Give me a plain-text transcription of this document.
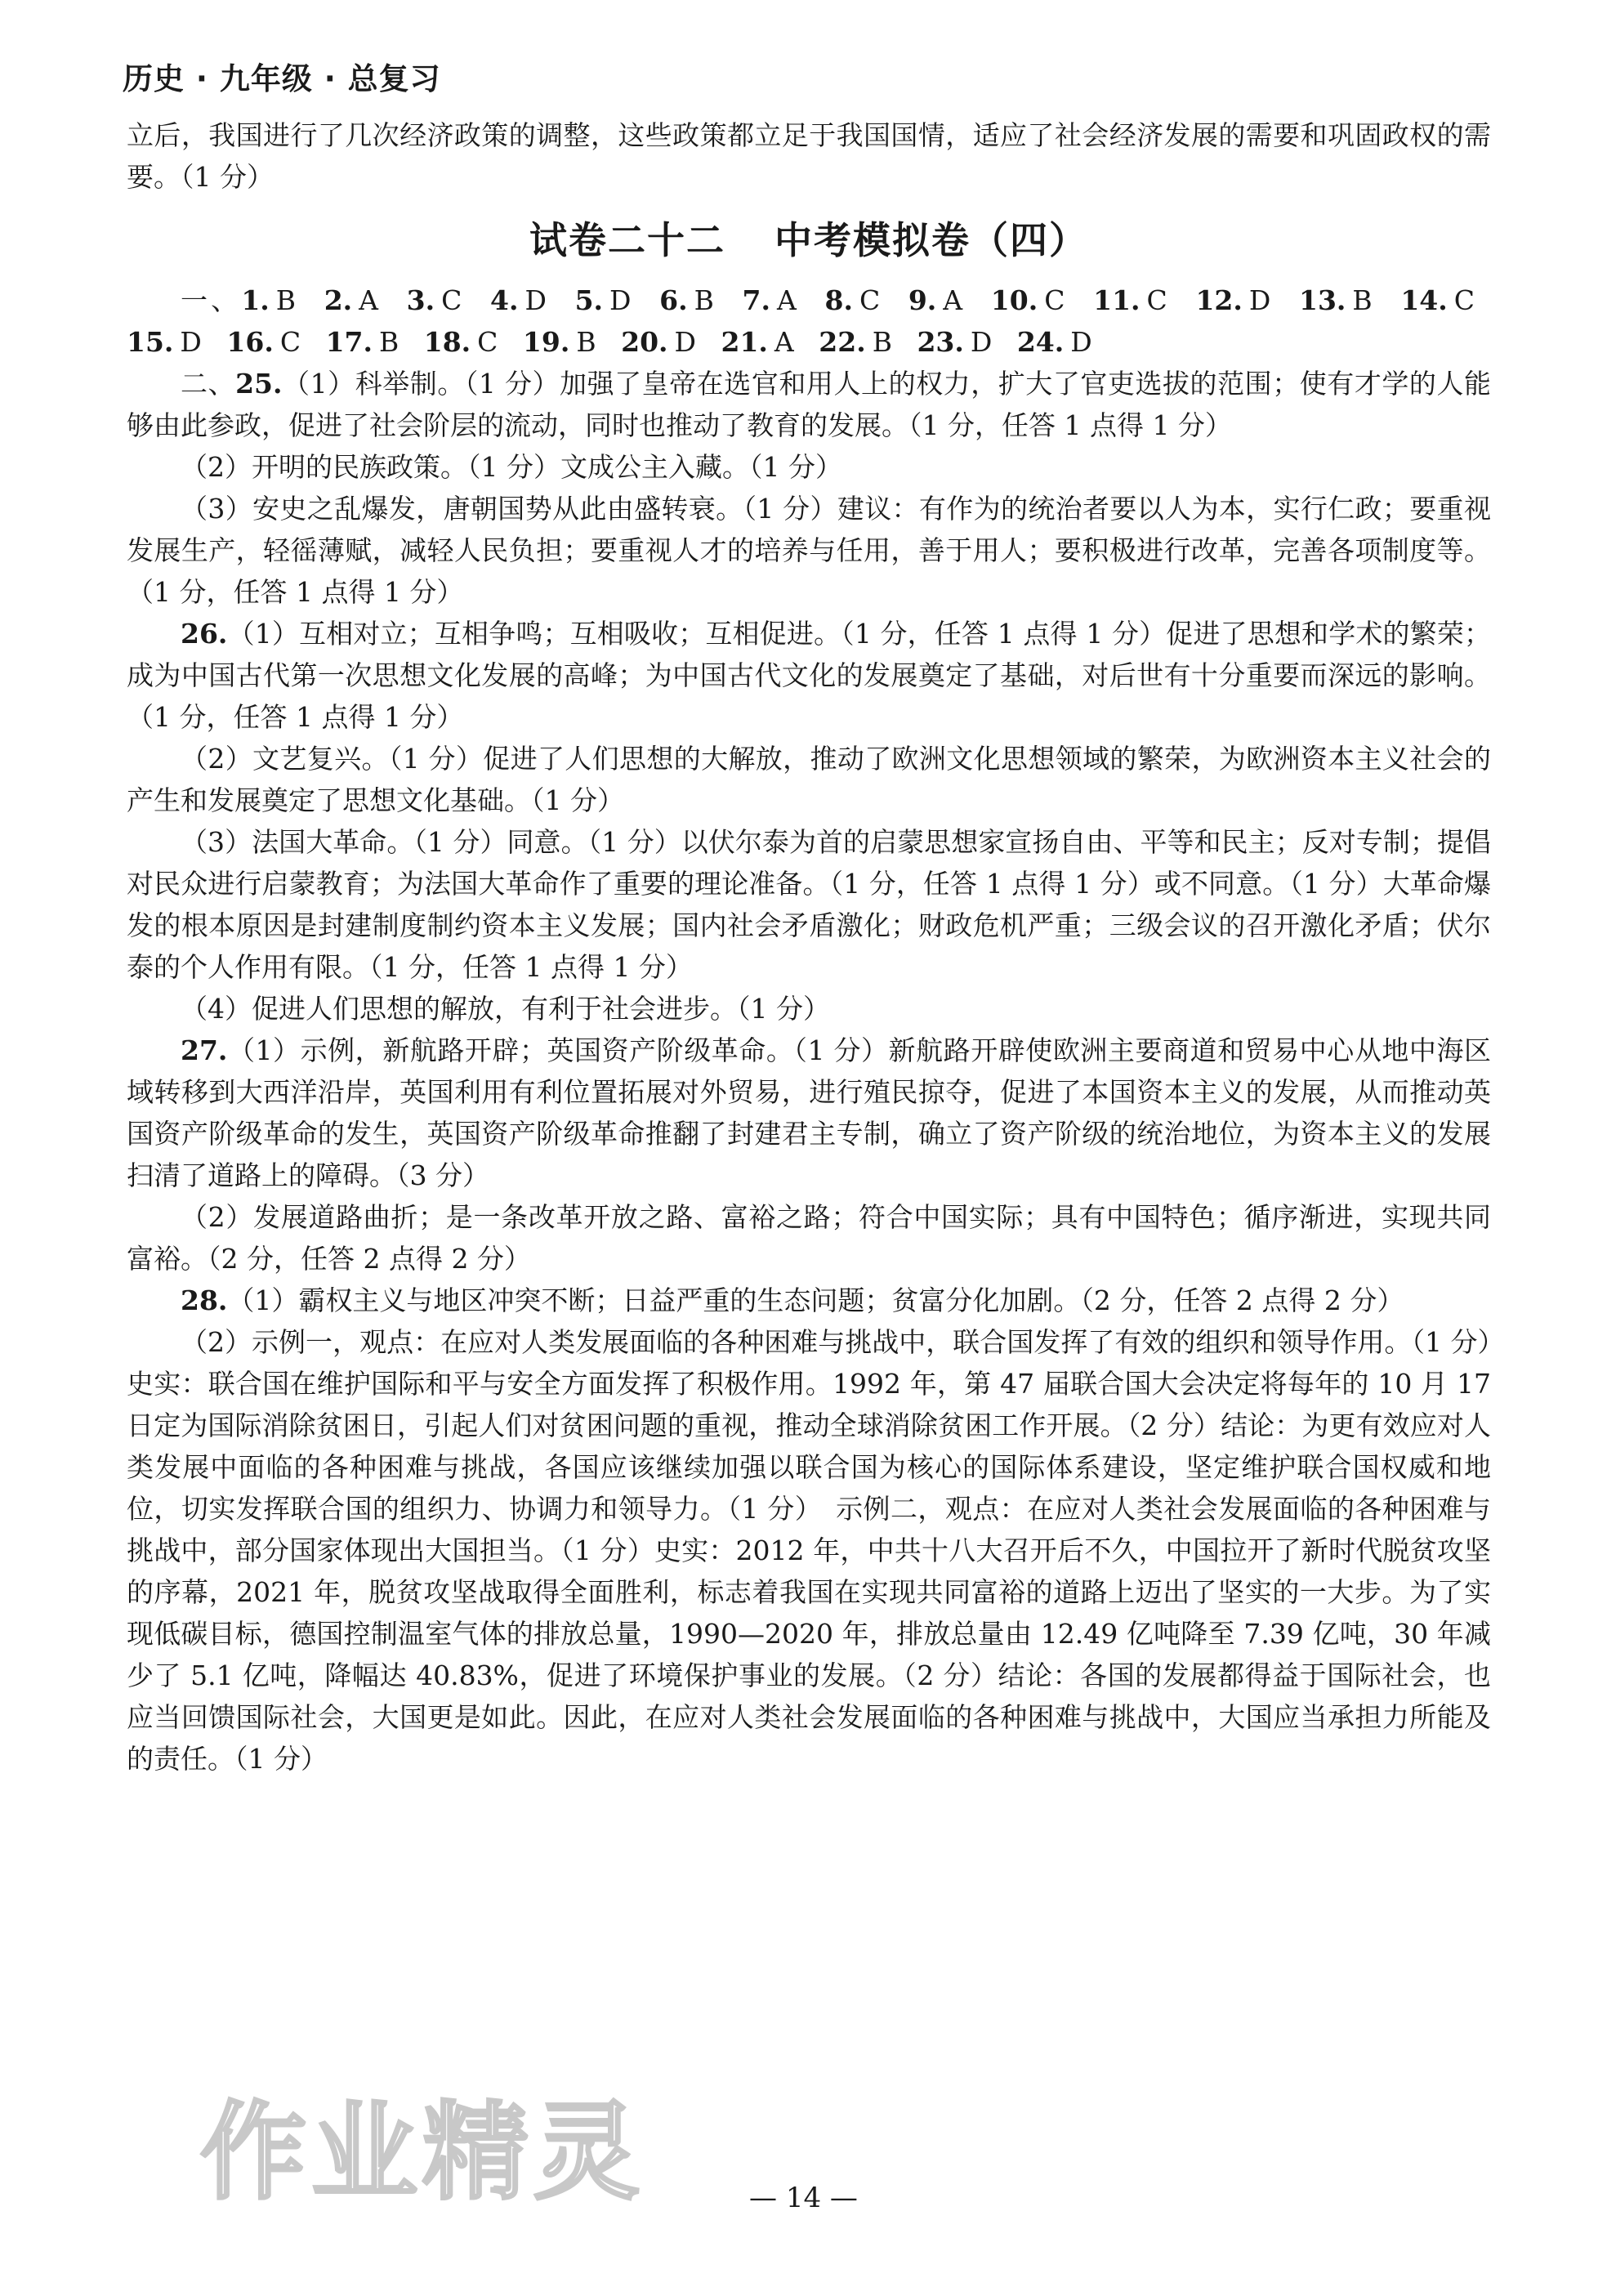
历史 · 九年级 · 总复习

立后，我国进行了几次经济政策的调整，这些政策都立足于我国国情，适应了社会经济发展的需要和巩固政权的需要。（1 分）

试卷二十二 中考模拟卷（四）

一、1. B 2. A 3. C 4. D 5. D 6. B 7. A 8. C 9. A 10. C 11. C 12. D 13. B 14. C 15. D 16. C 17. B 18. C 19. B 20. D 21. A 22. B 23. D 24. D

二、25.（1）科举制。（1 分）加强了皇帝在选官和用人上的权力，扩大了官吏选拔的范围；使有才学的人能够由此参政，促进了社会阶层的流动，同时也推动了教育的发展。（1 分，任答 1 点得 1 分）

（2）开明的民族政策。（1 分）文成公主入藏。（1 分）

（3）安史之乱爆发，唐朝国势从此由盛转衰。（1 分）建议：有作为的统治者要以人为本，实行仁政；要重视发展生产，轻徭薄赋，减轻人民负担；要重视人才的培养与任用，善于用人；要积极进行改革，完善各项制度等。（1 分，任答 1 点得 1 分）

26.（1）互相对立；互相争鸣；互相吸收；互相促进。（1 分，任答 1 点得 1 分）促进了思想和学术的繁荣；成为中国古代第一次思想文化发展的高峰；为中国古代文化的发展奠定了基础，对后世有十分重要而深远的影响。（1 分，任答 1 点得 1 分）

（2）文艺复兴。（1 分）促进了人们思想的大解放，推动了欧洲文化思想领域的繁荣，为欧洲资本主义社会的产生和发展奠定了思想文化基础。（1 分）

（3）法国大革命。（1 分）同意。（1 分）以伏尔泰为首的启蒙思想家宣扬自由、平等和民主；反对专制；提倡对民众进行启蒙教育；为法国大革命作了重要的理论准备。（1 分，任答 1 点得 1 分）或不同意。（1 分）大革命爆发的根本原因是封建制度制约资本主义发展；国内社会矛盾激化；财政危机严重；三级会议的召开激化矛盾；伏尔泰的个人作用有限。（1 分，任答 1 点得 1 分）

（4）促进人们思想的解放，有利于社会进步。（1 分）

27.（1）示例，新航路开辟；英国资产阶级革命。（1 分）新航路开辟使欧洲主要商道和贸易中心从地中海区域转移到大西洋沿岸，英国利用有利位置拓展对外贸易，进行殖民掠夺，促进了本国资本主义的发展，从而推动英国资产阶级革命的发生，英国资产阶级革命推翻了封建君主专制，确立了资产阶级的统治地位，为资本主义的发展扫清了道路上的障碍。（3 分）

（2）发展道路曲折；是一条改革开放之路、富裕之路；符合中国实际；具有中国特色；循序渐进，实现共同富裕。（2 分，任答 2 点得 2 分）

28.（1）霸权主义与地区冲突不断；日益严重的生态问题；贫富分化加剧。（2 分，任答 2 点得 2 分）

（2）示例一，观点：在应对人类发展面临的各种困难与挑战中，联合国发挥了有效的组织和领导作用。（1 分）史实：联合国在维护国际和平与安全方面发挥了积极作用。1992 年，第 47 届联合国大会决定将每年的 10 月 17 日定为国际消除贫困日，引起人们对贫困问题的重视，推动全球消除贫困工作开展。（2 分）结论：为更有效应对人类发展中面临的各种困难与挑战，各国应该继续加强以联合国为核心的国际体系建设，坚定维护联合国权威和地位，切实发挥联合国的组织力、协调力和领导力。（1 分）　示例二，观点：在应对人类社会发展面临的各种困难与挑战中，部分国家体现出大国担当。（1 分）史实：2012 年，中共十八大召开后不久，中国拉开了新时代脱贫攻坚的序幕，2021 年，脱贫攻坚战取得全面胜利，标志着我国在实现共同富裕的道路上迈出了坚实的一大步。为了实现低碳目标，德国控制温室气体的排放总量，1990—2020 年，排放总量由 12.49 亿吨降至 7.39 亿吨，30 年减少了 5.1 亿吨，降幅达 40.83%，促进了环境保护事业的发展。（2 分）结论：各国的发展都得益于国际社会，也应当回馈国际社会，大国更是如此。因此，在应对人类社会发展面临的各种困难与挑战中，大国应当承担力所能及的责任。（1 分）

作业精灵	— 14 —
